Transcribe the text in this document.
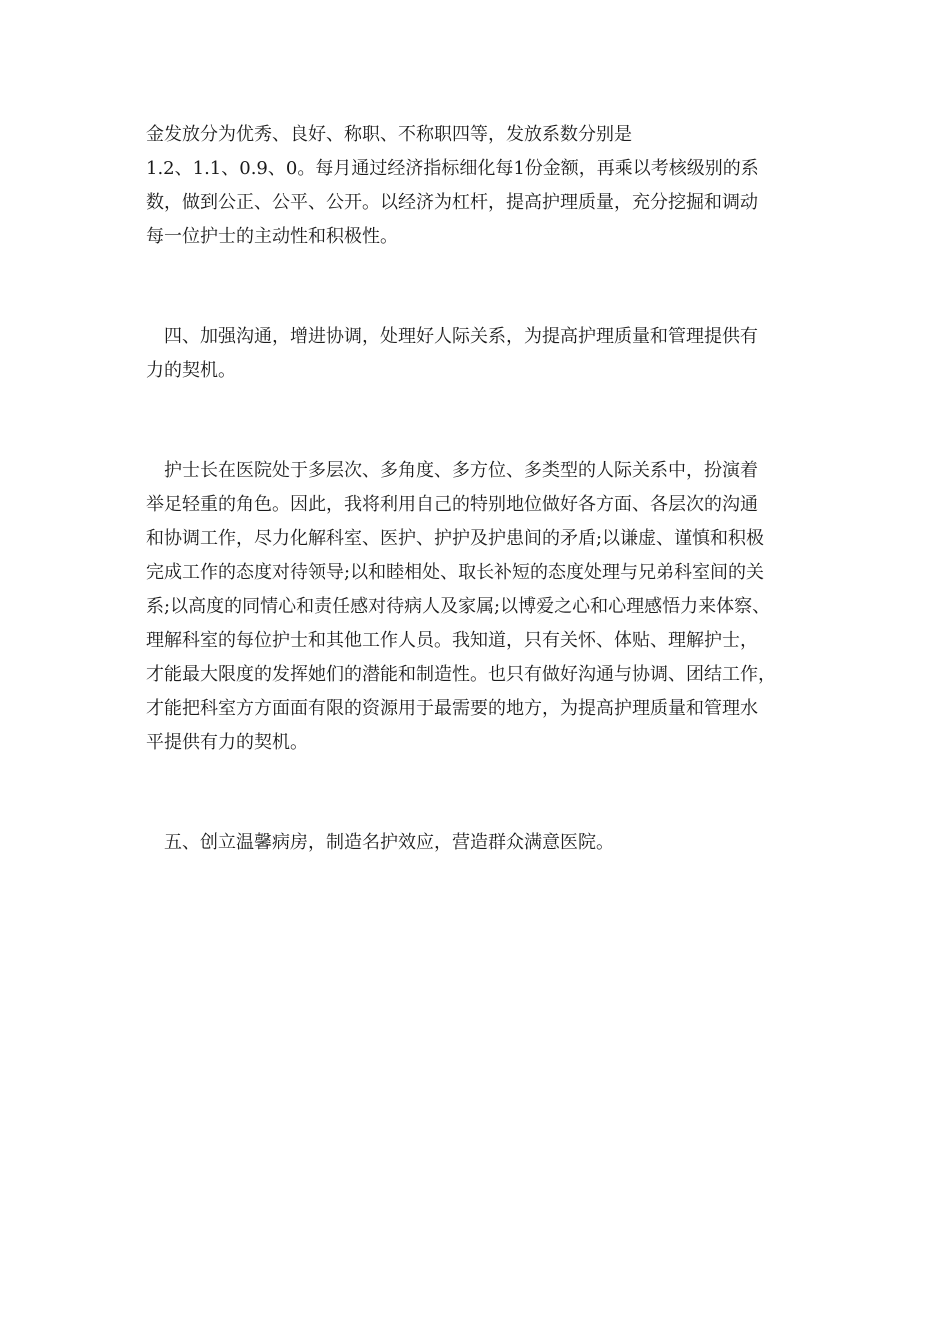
金发放分为优秀、良好、称职、不称职四等，发放系数分别是
1.2、1.1、0.9、0。每月通过经济指标细化每1份金额，再乘以考核级别的系
数，做到公正、公平、公开。以经济为杠杆，提高护理质量，充分挖掘和调动
每一位护士的主动性和积极性。

四、加强沟通，增进协调，处理好人际关系，为提高护理质量和管理提供有
力的契机。

护士长在医院处于多层次、多角度、多方位、多类型的人际关系中，扮演着
举足轻重的角色。因此，我将利用自己的特别地位做好各方面、各层次的沟通
和协调工作，尽力化解科室、医护、护护及护患间的矛盾;以谦虚、谨慎和积极
完成工作的态度对待领导;以和睦相处、取长补短的态度处理与兄弟科室间的关
系;以高度的同情心和责任感对待病人及家属;以博爱之心和心理感悟力来体察、
理解科室的每位护士和其他工作人员。我知道，只有关怀、体贴、理解护士，
才能最大限度的发挥她们的潜能和制造性。也只有做好沟通与协调、团结工作，
才能把科室方方面面有限的资源用于最需要的地方，为提高护理质量和管理水
平提供有力的契机。

五、创立温馨病房，制造名护效应，营造群众满意医院。
